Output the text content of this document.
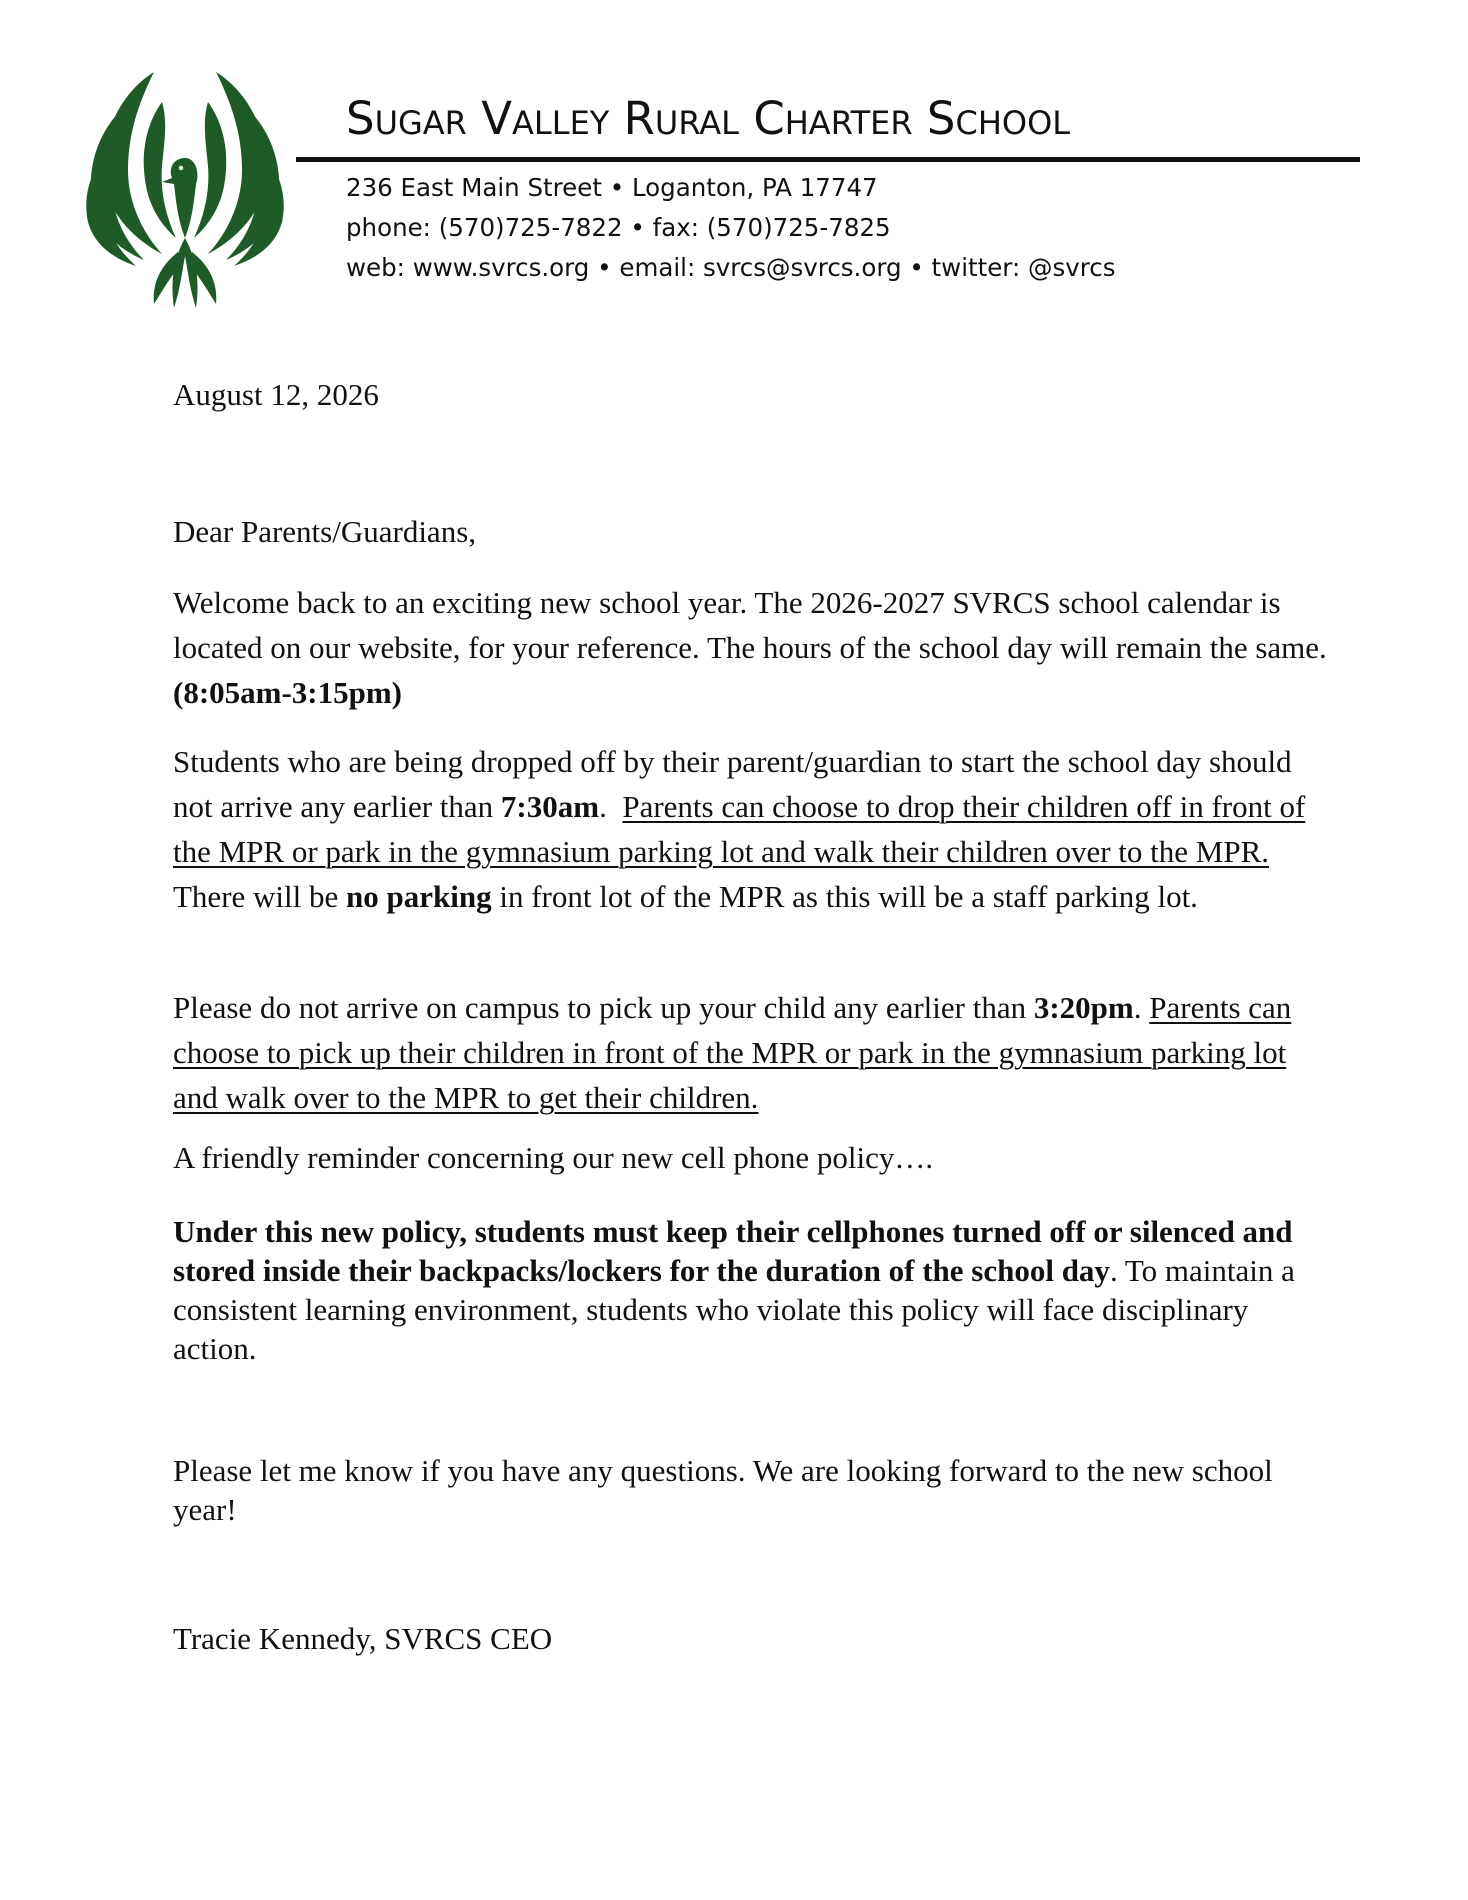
Sugar Valley Rural Charter School
236 East Main Street • Loganton, PA 17747
phone: (570)725-7822 • fax: (570)725-7825
web: www.svrcs.org • email: svrcs@svrcs.org • twitter: @svrcs

August 12, 2026

Dear Parents/Guardians,

Welcome back to an exciting new school year. The 2026-2027 SVRCS school calendar is located on our website, for your reference. The hours of the school day will remain the same. (8:05am-3:15pm)

Students who are being dropped off by their parent/guardian to start the school day should not arrive any earlier than 7:30am. Parents can choose to drop their children off in front of the MPR or park in the gymnasium parking lot and walk their children over to the MPR.  There will be no parking in front lot of the MPR as this will be a staff parking lot.

Please do not arrive on campus to pick up your child any earlier than 3:20pm. Parents can choose to pick up their children in front of the MPR or park in the gymnasium parking lot and walk over to the MPR to get their children.

A friendly reminder concerning our new cell phone policy….

Under this new policy, students must keep their cellphones turned off or silenced and stored inside their backpacks/lockers for the duration of the school day. To maintain a consistent learning environment, students who violate this policy will face disciplinary action.

Please let me know if you have any questions. We are looking forward to the new school year!

Tracie Kennedy, SVRCS CEO
